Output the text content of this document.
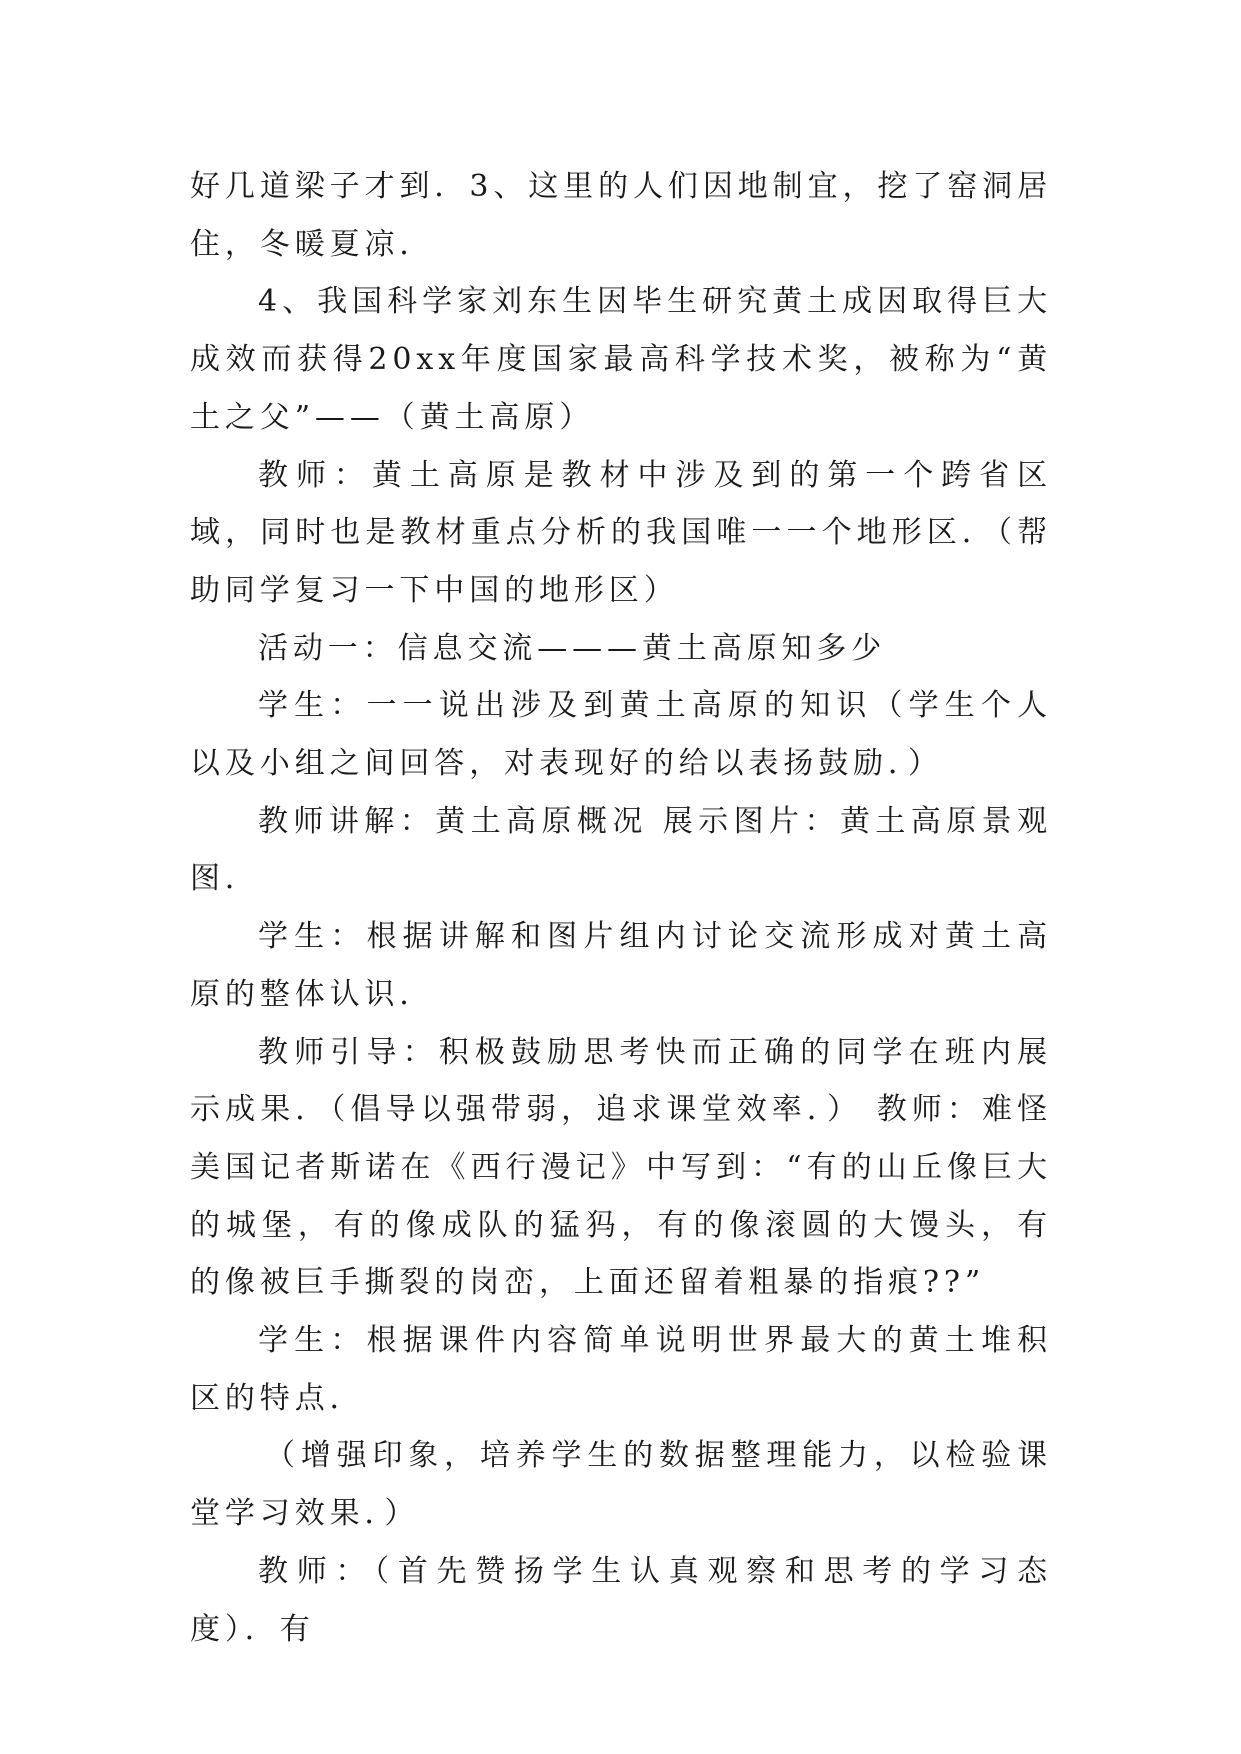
好几道梁子才到．3、这里的人们因地制宜，挖了窑洞居住，冬暖夏凉．

4、我国科学家刘东生因毕生研究黄土成因取得巨大成效而获得20xx年度国家最高科学技术奖，被称为“黄土之父”——（黄土高原）

教师：黄土高原是教材中涉及到的第一个跨省区域，同时也是教材重点分析的我国唯一一个地形区．（帮助同学复习一下中国的地形区）

活动一：信息交流———黄土高原知多少

学生：一一说出涉及到黄土高原的知识（学生个人以及小组之间回答，对表现好的给以表扬鼓励．）

教师讲解：黄土高原概况 展示图片：黄土高原景观图．

学生：根据讲解和图片组内讨论交流形成对黄土高原的整体认识．

教师引导：积极鼓励思考快而正确的同学在班内展示成果．（倡导以强带弱，追求课堂效率．） 教师：难怪美国记者斯诺在《西行漫记》中写到：“有的山丘像巨大的城堡，有的像成队的猛犸，有的像滚圆的大馒头，有的像被巨手撕裂的岗峦，上面还留着粗暴的指痕??”

学生：根据课件内容简单说明世界最大的黄土堆积区的特点．

（增强印象，培养学生的数据整理能力，以检验课堂学习效果．）

教师：（首先赞扬学生认真观察和思考的学习态度）．有
